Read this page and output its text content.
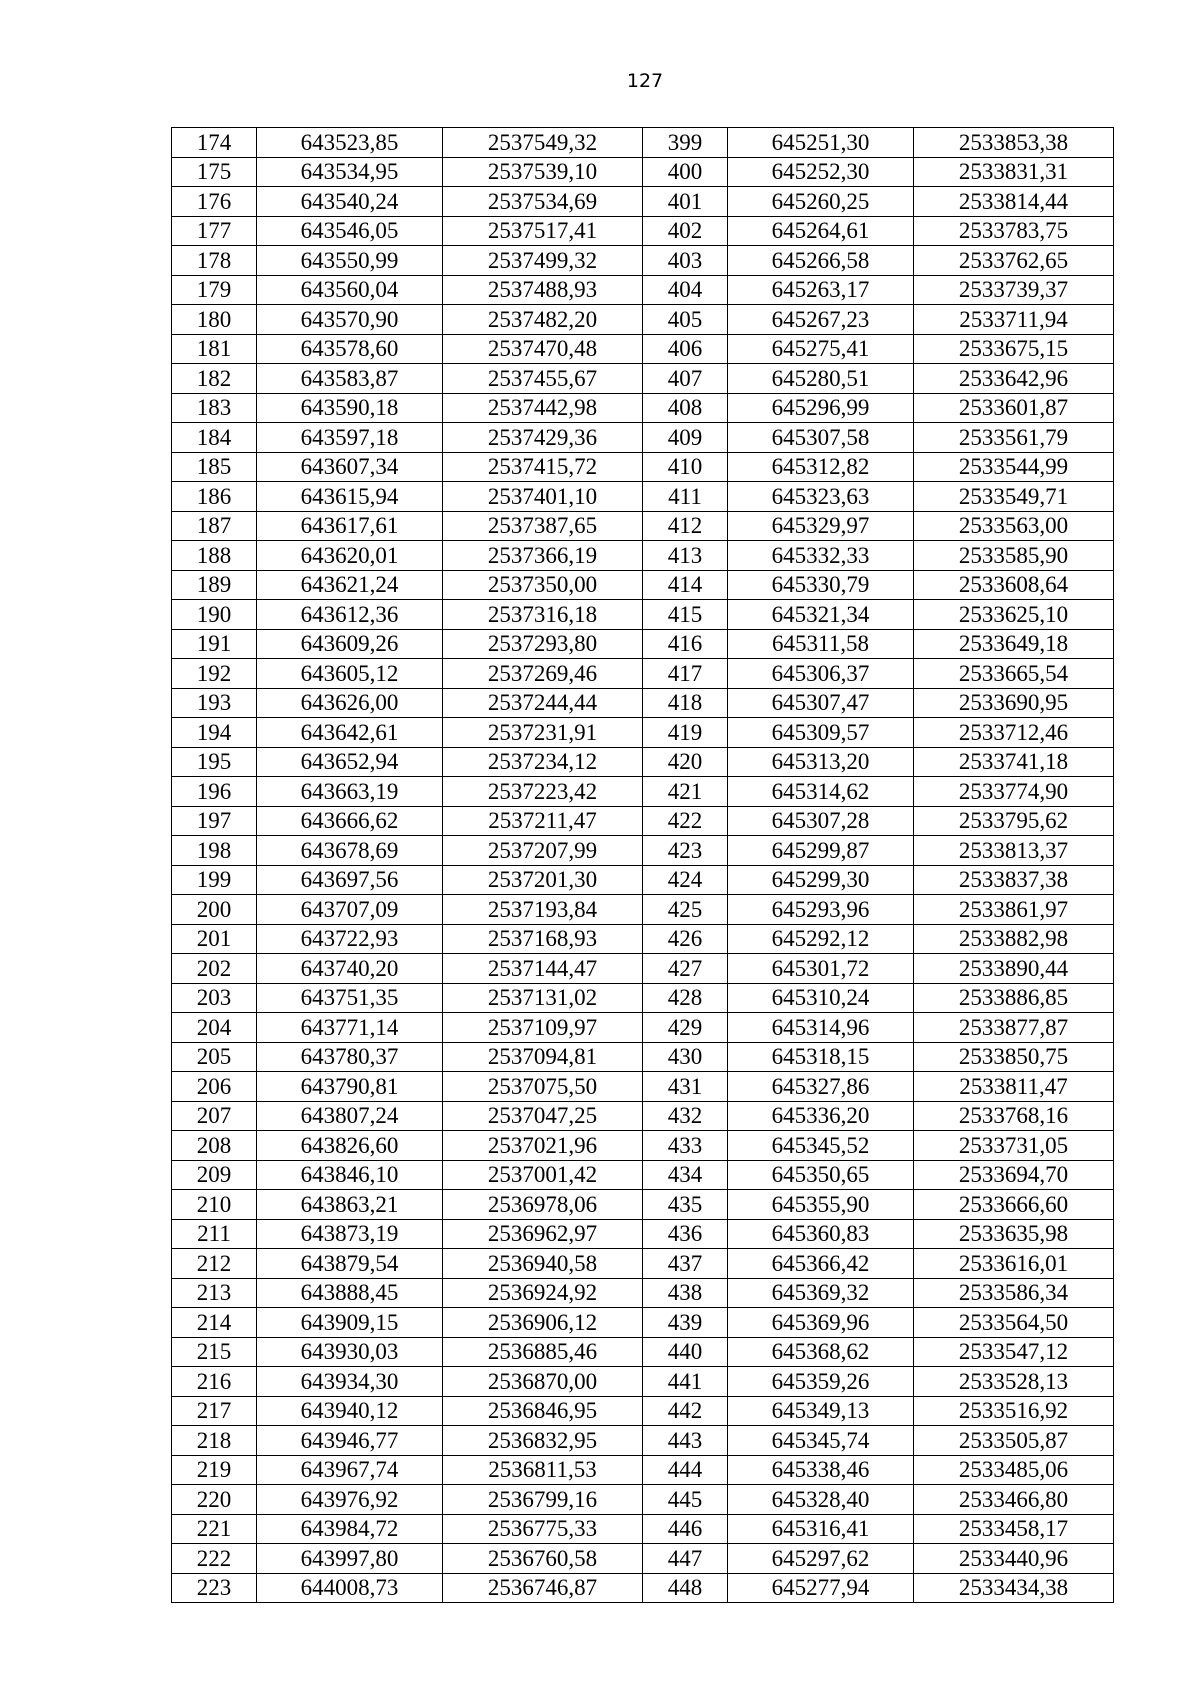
127
174	643523,85	2537549,32	399	645251,30	2533853,38
175	643534,95	2537539,10	400	645252,30	2533831,31
176	643540,24	2537534,69	401	645260,25	2533814,44
177	643546,05	2537517,41	402	645264,61	2533783,75
178	643550,99	2537499,32	403	645266,58	2533762,65
179	643560,04	2537488,93	404	645263,17	2533739,37
180	643570,90	2537482,20	405	645267,23	2533711,94
181	643578,60	2537470,48	406	645275,41	2533675,15
182	643583,87	2537455,67	407	645280,51	2533642,96
183	643590,18	2537442,98	408	645296,99	2533601,87
184	643597,18	2537429,36	409	645307,58	2533561,79
185	643607,34	2537415,72	410	645312,82	2533544,99
186	643615,94	2537401,10	411	645323,63	2533549,71
187	643617,61	2537387,65	412	645329,97	2533563,00
188	643620,01	2537366,19	413	645332,33	2533585,90
189	643621,24	2537350,00	414	645330,79	2533608,64
190	643612,36	2537316,18	415	645321,34	2533625,10
191	643609,26	2537293,80	416	645311,58	2533649,18
192	643605,12	2537269,46	417	645306,37	2533665,54
193	643626,00	2537244,44	418	645307,47	2533690,95
194	643642,61	2537231,91	419	645309,57	2533712,46
195	643652,94	2537234,12	420	645313,20	2533741,18
196	643663,19	2537223,42	421	645314,62	2533774,90
197	643666,62	2537211,47	422	645307,28	2533795,62
198	643678,69	2537207,99	423	645299,87	2533813,37
199	643697,56	2537201,30	424	645299,30	2533837,38
200	643707,09	2537193,84	425	645293,96	2533861,97
201	643722,93	2537168,93	426	645292,12	2533882,98
202	643740,20	2537144,47	427	645301,72	2533890,44
203	643751,35	2537131,02	428	645310,24	2533886,85
204	643771,14	2537109,97	429	645314,96	2533877,87
205	643780,37	2537094,81	430	645318,15	2533850,75
206	643790,81	2537075,50	431	645327,86	2533811,47
207	643807,24	2537047,25	432	645336,20	2533768,16
208	643826,60	2537021,96	433	645345,52	2533731,05
209	643846,10	2537001,42	434	645350,65	2533694,70
210	643863,21	2536978,06	435	645355,90	2533666,60
211	643873,19	2536962,97	436	645360,83	2533635,98
212	643879,54	2536940,58	437	645366,42	2533616,01
213	643888,45	2536924,92	438	645369,32	2533586,34
214	643909,15	2536906,12	439	645369,96	2533564,50
215	643930,03	2536885,46	440	645368,62	2533547,12
216	643934,30	2536870,00	441	645359,26	2533528,13
217	643940,12	2536846,95	442	645349,13	2533516,92
218	643946,77	2536832,95	443	645345,74	2533505,87
219	643967,74	2536811,53	444	645338,46	2533485,06
220	643976,92	2536799,16	445	645328,40	2533466,80
221	643984,72	2536775,33	446	645316,41	2533458,17
222	643997,80	2536760,58	447	645297,62	2533440,96
223	644008,73	2536746,87	448	645277,94	2533434,38
